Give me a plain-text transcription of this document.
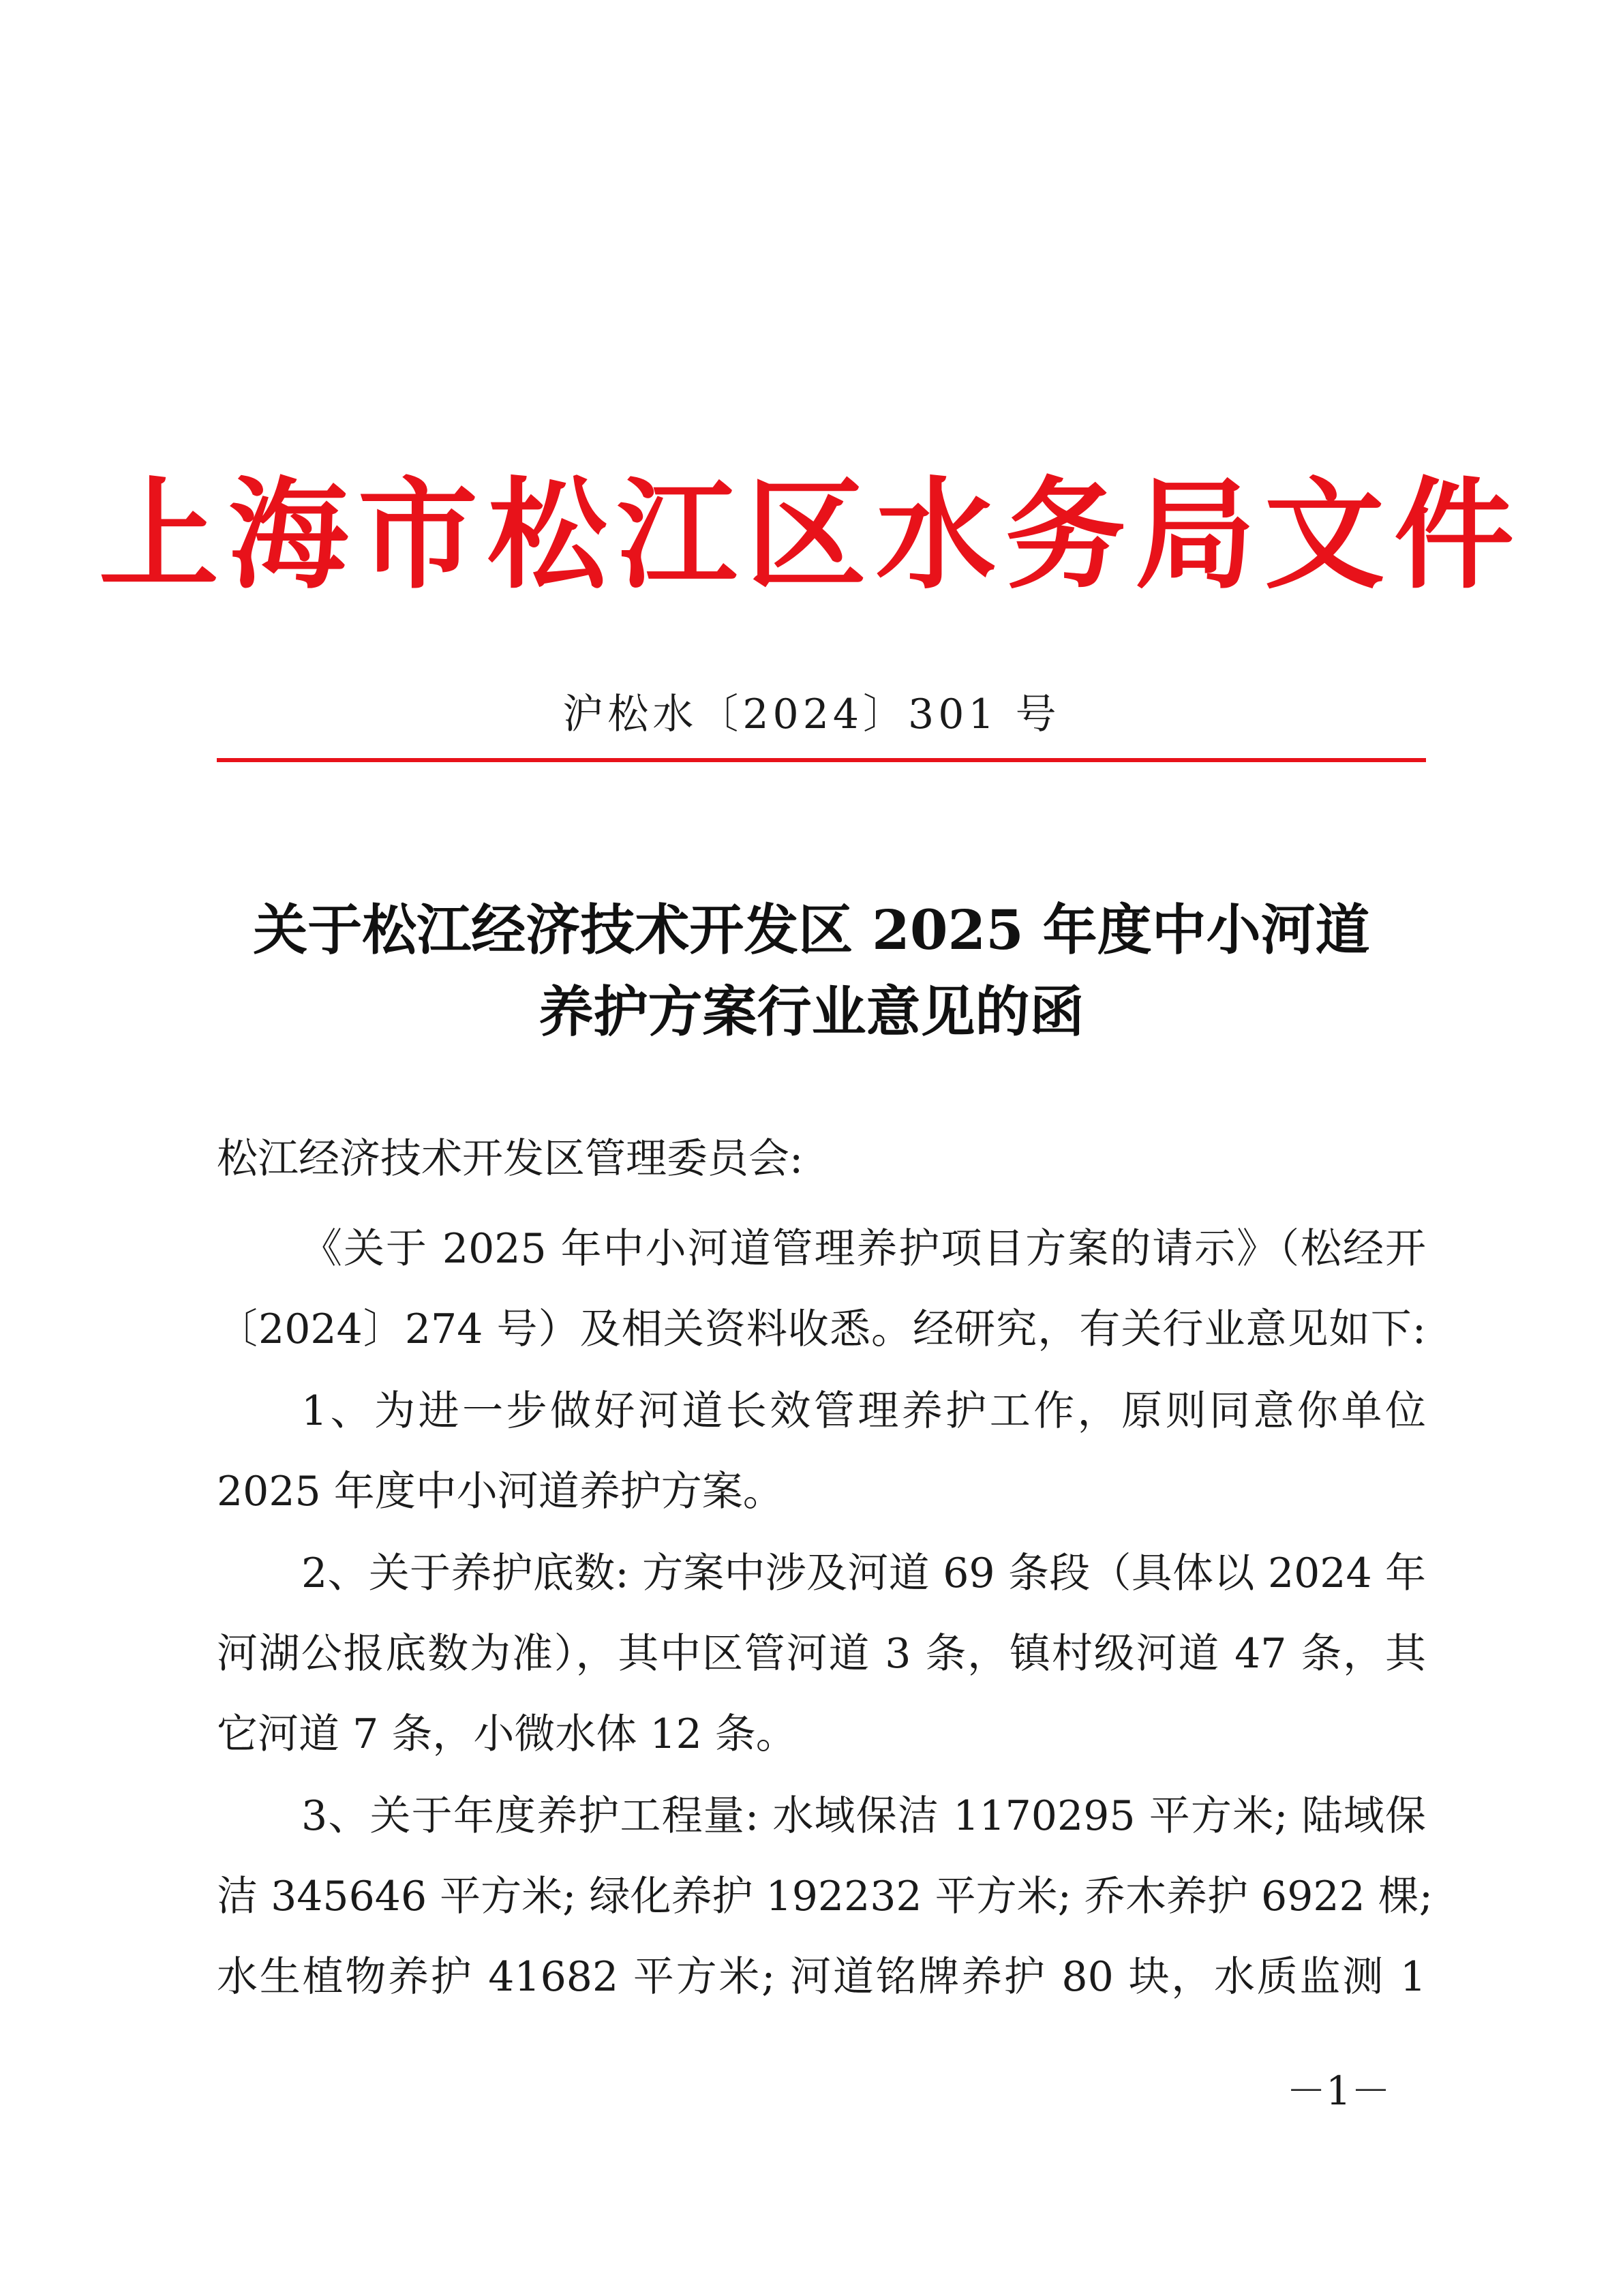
上海市松江区水务局文件
沪松水〔2024〕301 号
关于松江经济技术开发区 2025 年度中小河道
养护方案行业意见的函
松江经济技术开发区管理委员会:
《关于 2025 年中小河道管理养护项目方案的请示》（松经开
〔2024〕274 号）及相关资料收悉。经研究，有关行业意见如下:
1、为进一步做好河道长效管理养护工作，原则同意你单位
2025 年度中小河道养护方案。
2、关于养护底数: 方案中涉及河道 69 条段（具体以 2024 年
河湖公报底数为准），其中区管河道 3 条，镇村级河道 47 条，其
它河道 7 条，小微水体 12 条。
3、关于年度养护工程量: 水域保洁 1170295 平方米; 陆域保
洁 345646 平方米; 绿化养护 192232 平方米; 乔木养护 6922 棵;
水生植物养护 41682 平方米; 河道铭牌养护 80 块，水质监测 1
－1－
